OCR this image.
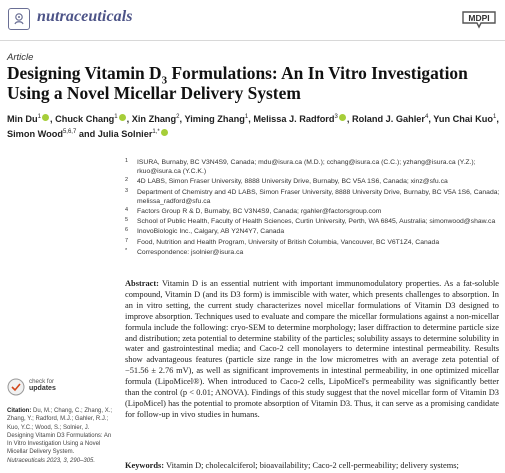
nutraceuticals	MDPI
Article
Designing Vitamin $D_3$ Formulations: An In Vitro Investigation Using a Novel Micellar Delivery System
Min Du$^1$ , Chuck Chang$^1$ , Xin Zhang$^2$, Yiming Zhang$^1$, Melissa J. Radford$^3$ , Roland J. Gahler$^4$, Yun Chai Kuo$^1$, Simon Wood$^{5,6,7}$ and Julia Solnier$^{1,*}$
1 ISURA, Burnaby, BC V3N4S9, Canada; mdu@isura.ca (M.D.); cchang@isura.ca (C.C.); yzhang@isura.ca (Y.Z.); rkuo@isura.ca (Y.C.K.)
2 4D LABS, Simon Fraser University, 8888 University Drive, Burnaby, BC V5A 1S6, Canada; xinz@sfu.ca
3 Department of Chemistry and 4D LABS, Simon Fraser University, 8888 University Drive, Burnaby, BC V5A 1S6, Canada; melissa_radford@sfu.ca
4 Factors Group R & D, Burnaby, BC V3N4S9, Canada; rgahler@factorsgroup.com
5 School of Public Health, Faculty of Health Sciences, Curtin University, Perth, WA 6845, Australia; simonwood@shaw.ca
6 InovoBiologic Inc., Calgary, AB Y2N4Y7, Canada
7 Food, Nutrition and Health Program, University of British Columbia, Vancouver, BC V6T1Z4, Canada
* Correspondence: jsolnier@isura.ca
Abstract: Vitamin D is an essential nutrient with important immunomodulatory properties. As a fat-soluble compound, Vitamin D (and its D3 form) is immiscible with water, which presents challenges to absorption. In an in vitro setting, the current study characterizes novel micellar formulations of Vitamin D3 designed to improve absorption. Techniques used to evaluate and compare the micellar formulations against a non-micellar formula include the following: cryo-SEM to determine morphology; laser diffraction to determine particle size and distribution; zeta potential to determine stability of the particles; solubility assays to determine solubility in water and gastrointestinal media; and Caco-2 cell monolayers to determine intestinal permeability. Results show advantageous features (particle size range in the low micrometres with an average zeta potential of −51.56 ± 2.76 mV), as well as significant improvements in intestinal permeability, in one optimized micellar formula (LipoMicel®). When introduced to Caco-2 cells, LipoMicel's permeability was significantly better than the control (p < 0.01; ANOVA). Findings of this study suggest that the novel micellar form of Vitamin D3 (LipoMicel) has the potential to promote absorption of Vitamin D3. Thus, it can serve as a promising candidate for follow-up in vivo studies in humans.
Keywords: Vitamin D; cholecalciferol; bioavailability; Caco-2 cell-permeability; delivery systems;
check for
updates
Citation: Du, M.; Chang, C.; Zhang, X.; Zhang, Y.; Radford, M.J.; Gahler, R.J.; Kuo, Y.C.; Wood, S.; Solnier, J. Designing Vitamin D3 Formulations: An In Vitro Investigation Using a Novel Micellar Delivery System. Nutraceuticals 2023, 3, 290–305.
